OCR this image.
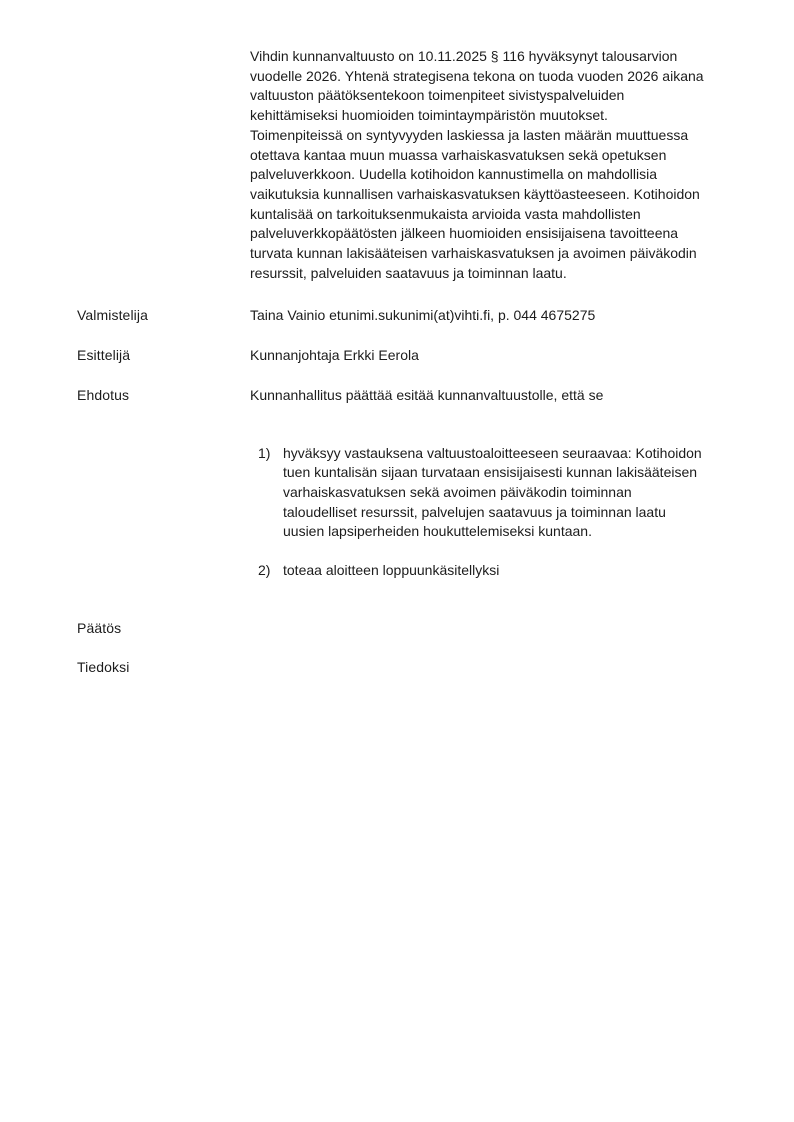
Vihdin kunnanvaltuusto on 10.11.2025 § 116 hyväksynyt talousarvion
vuodelle 2026. Yhtenä strategisena tekona on tuoda vuoden 2026 aikana
valtuuston päätöksentekoon toimenpiteet sivistyspalveluiden
kehittämiseksi huomioiden toimintaympäristön muutokset.
Toimenpiteissä on syntyvyyden laskiessa ja lasten määrän muuttuessa
otettava kantaa muun muassa varhaiskasvatuksen sekä opetuksen
palveluverkkoon. Uudella kotihoidon kannustimella on mahdollisia
vaikutuksia kunnallisen varhaiskasvatuksen käyttöasteeseen. Kotihoidon
kuntalisää on tarkoituksenmukaista arvioida vasta mahdollisten
palveluverkkopäätösten jälkeen huomioiden ensisijaisena tavoitteena
turvata kunnan lakisääteisen varhaiskasvatuksen ja avoimen päiväkodin
resurssit, palveluiden saatavuus ja toiminnan laatu.
Valmistelija	Taina Vainio etunimi.sukunimi(at)vihti.fi, p. 044 4675275
Esittelijä	Kunnanjohtaja Erkki Eerola
Ehdotus	Kunnanhallitus päättää esitää kunnanvaltuustolle, että se
1) hyväksyy vastauksena valtuustoaloitteeseen seuraavaa: Kotihoidon
tuen kuntalisän sijaan turvataan ensisijaisesti kunnan lakisääteisen
varhaiskasvatuksen sekä avoimen päiväkodin toiminnan
taloudelliset resurssit, palvelujen saatavuus ja toiminnan laatu
uusien lapsiperheiden houkuttelemiseksi kuntaan.
2) toteaa aloitteen loppuunkäsitellyksi
Päätös
Tiedoksi
